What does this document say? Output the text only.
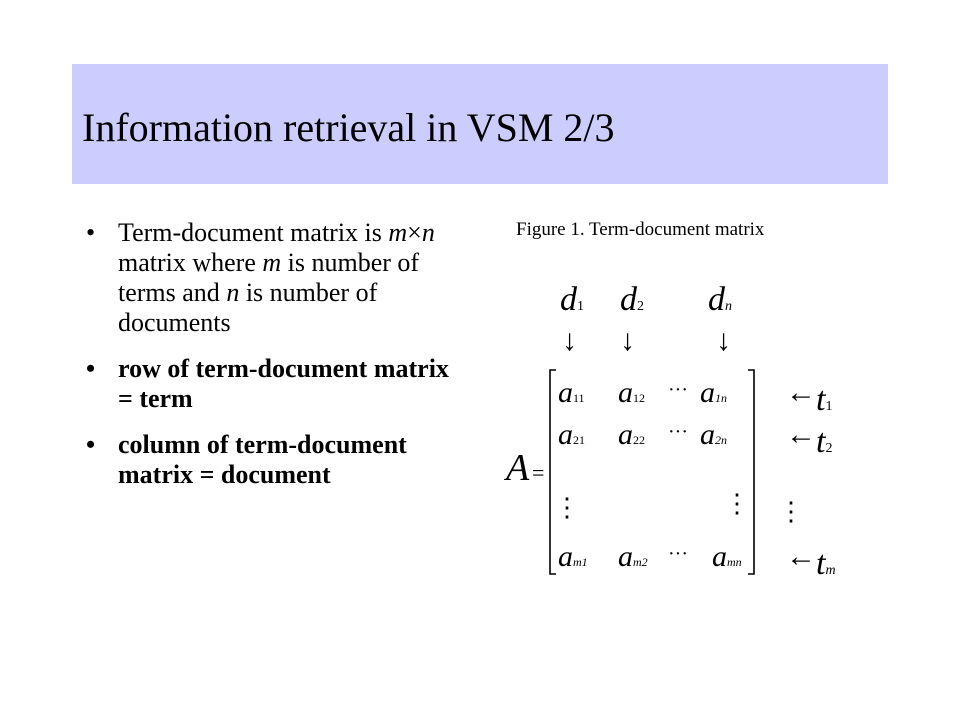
Information retrieval in VSM 2/3
• Term-document matrix is m×n matrix where m is number of terms and n is number of documents
• row of term-document matrix = term
• column of term-document matrix = document
Figure 1. Term-document matrix
d1 d2 dn
↓ ↓	↓
A =
a11 a12 ··· a1n
a21 a22 ··· a2n
⋮	⋮ ⋮
am1 am2 ··· amn
← t1
← t2
← tm
